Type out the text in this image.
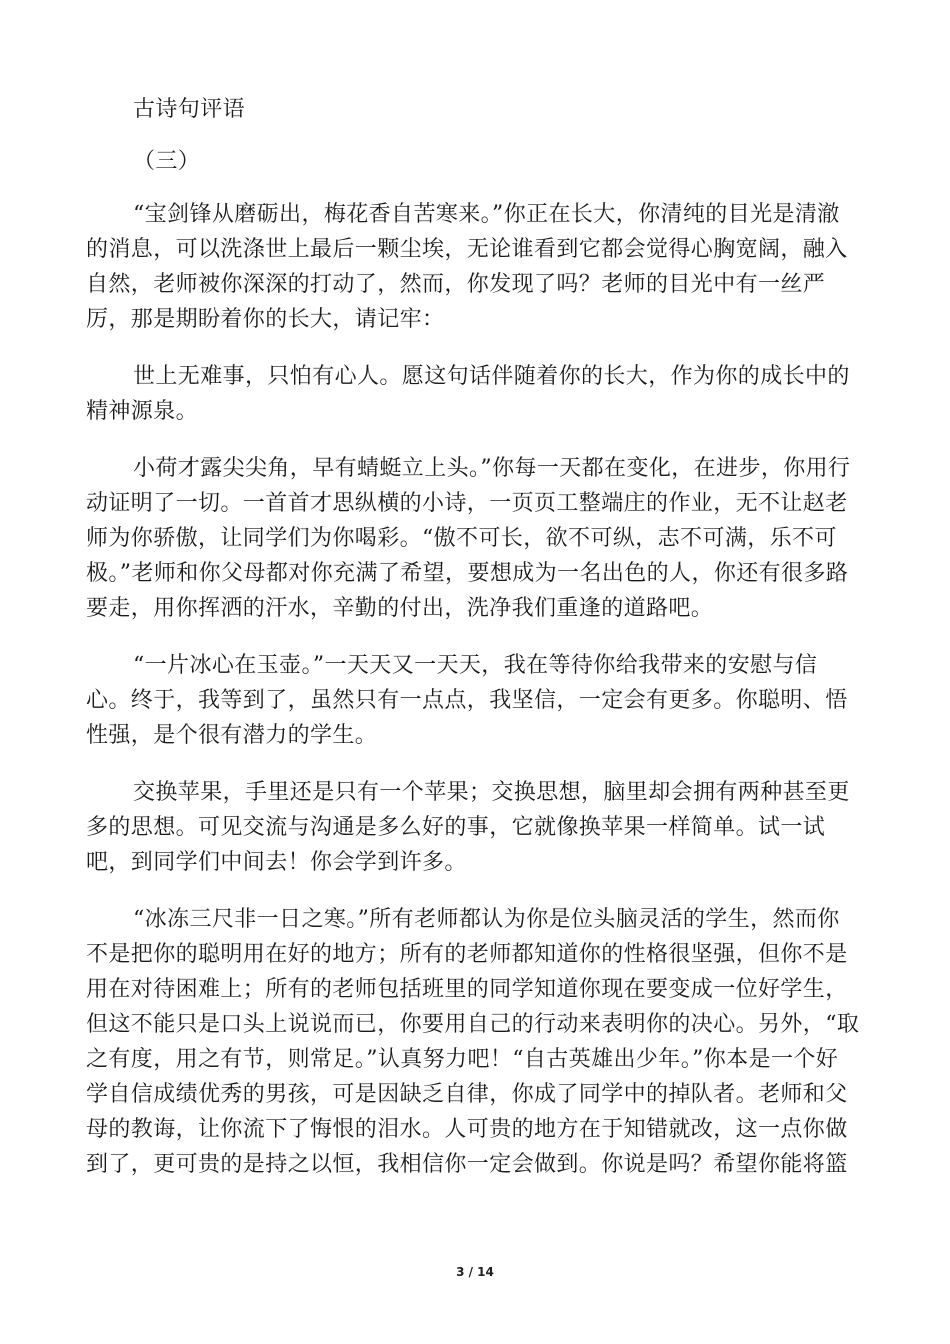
古诗句评语
（三）
“宝剑锋从磨砺出，梅花香自苦寒来。”你正在长大，你清纯的目光是清澈
的消息，可以洗涤世上最后一颗尘埃，无论谁看到它都会觉得心胸宽阔，融入
自然，老师被你深深的打动了，然而，你发现了吗？老师的目光中有一丝严
厉，那是期盼着你的长大，请记牢：
世上无难事，只怕有心人。愿这句话伴随着你的长大，作为你的成长中的
精神源泉。
小荷才露尖尖角，早有蜻蜓立上头。”你每一天都在变化，在进步，你用行
动证明了一切。一首首才思纵横的小诗，一页页工整端庄的作业，无不让赵老
师为你骄傲，让同学们为你喝彩。“傲不可长，欲不可纵，志不可满，乐不可
极。”老师和你父母都对你充满了希望，要想成为一名出色的人，你还有很多路
要走，用你挥洒的汗水，辛勤的付出，洗净我们重逢的道路吧。
“一片冰心在玉壶。”一天天又一天天，我在等待你给我带来的安慰与信
心。终于，我等到了，虽然只有一点点，我坚信，一定会有更多。你聪明、悟
性强，是个很有潜力的学生。
交换苹果，手里还是只有一个苹果；交换思想，脑里却会拥有两种甚至更
多的思想。可见交流与沟通是多么好的事，它就像换苹果一样简单。试一试
吧，到同学们中间去！你会学到许多。
“冰冻三尺非一日之寒。”所有老师都认为你是位头脑灵活的学生，然而你
不是把你的聪明用在好的地方；所有的老师都知道你的性格很坚强，但你不是
用在对待困难上；所有的老师包括班里的同学知道你现在要变成一位好学生，
但这不能只是口头上说说而已，你要用自己的行动来表明你的决心。另外，“取
之有度，用之有节，则常足。”认真努力吧！“自古英雄出少年。”你本是一个好
学自信成绩优秀的男孩，可是因缺乏自律，你成了同学中的掉队者。老师和父
母的教诲，让你流下了悔恨的泪水。人可贵的地方在于知错就改，这一点你做
到了，更可贵的是持之以恒，我相信你一定会做到。你说是吗？希望你能将篮
3 / 14
